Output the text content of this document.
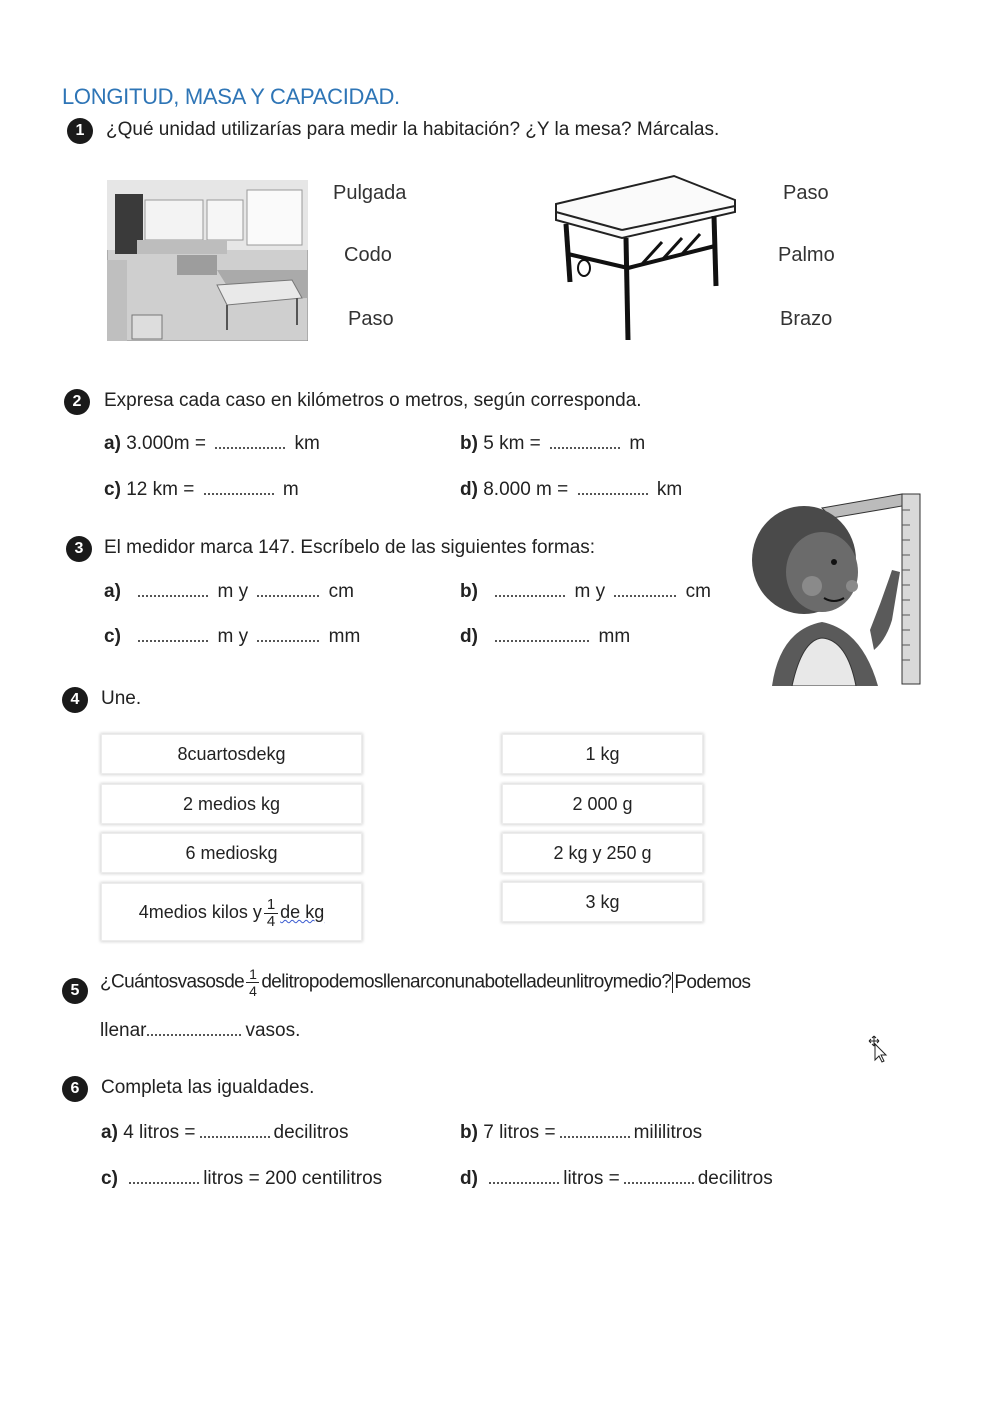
LONGITUD, MASA Y CAPACIDAD.
1	¿Qué unidad utilizarías para medir la habitación? ¿Y la mesa? Márcalas.
Pulgada
Codo
Paso
Paso
Palmo
Brazo
2	Expresa cada caso en kilómetros o metros, según corresponda.
a) 3.000m =	km	b) 5 km =	m
c) 12 km =	m	d) 8.000 m =	km
3	El medidor marca 147. Escríbelo de las siguientes formas:
a)	m y	cm	b)	m y	cm
c)	m y	mm	d)	mm
4	Une.
8cuartosdekg
2 medios kg
6 medioskg
4medios kilos y $\frac{1}{4}$ de kg
1 kg
2 000 g
2 kg y 250 g
3 kg
5	¿Cuántosvasosde $\frac{1}{4}$ delitropodemosllenarconunabotelladeunlitroymedio? Podemos
llenar	vasos.
6	Completa las igualdades.
a) 4 litros =	decilitros	b) 7 litros =	mililitros
c)	litros = 200 centilitros	d)	litros =	decilitros
